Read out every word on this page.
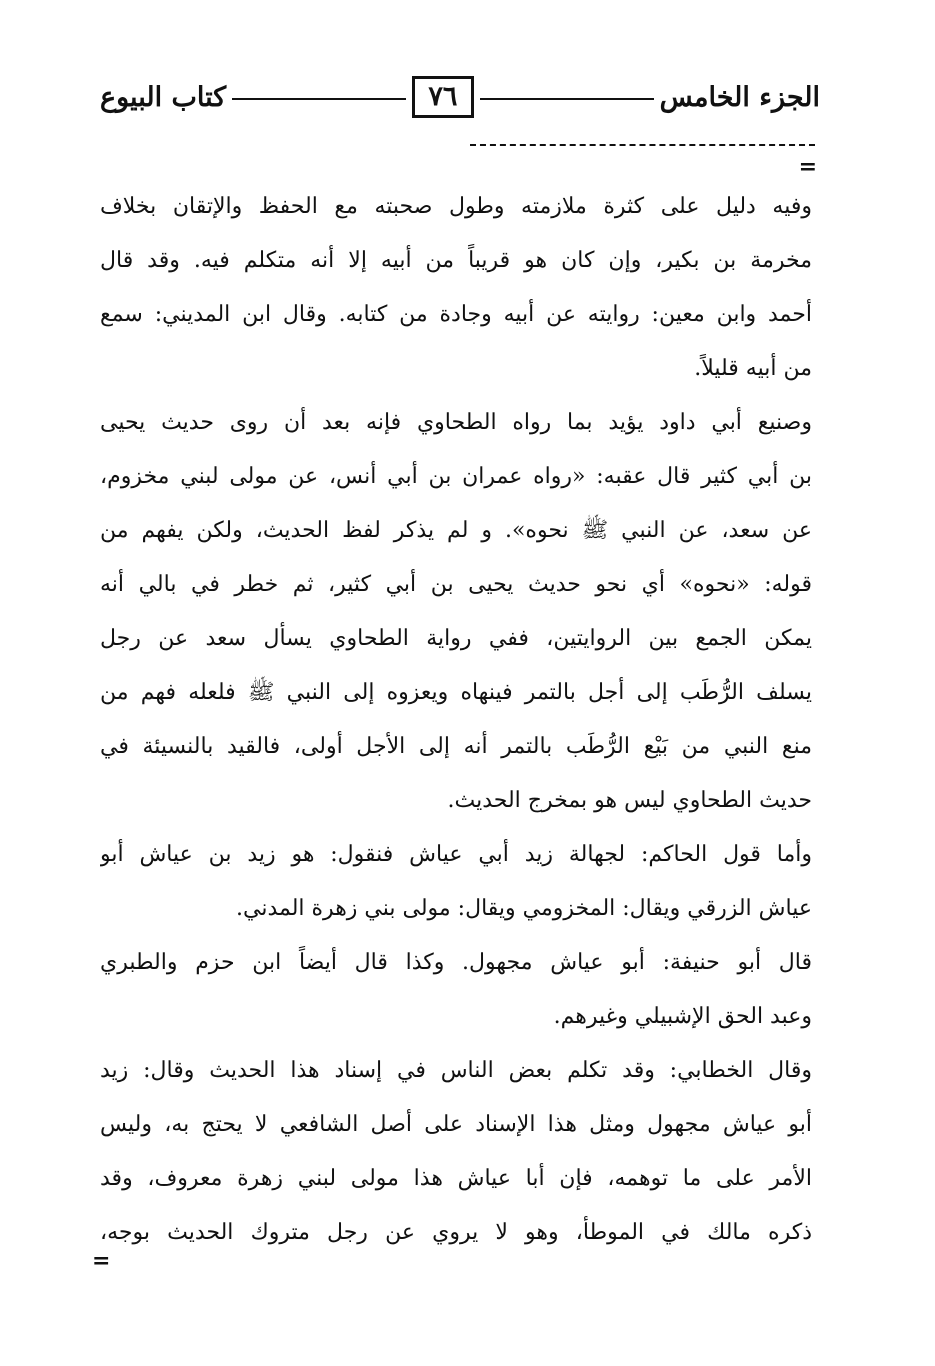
الجزء الخامس
٧٦
كتاب البيوع
=
وفيه دليل على كثرة ملازمته وطول صحبته مع الحفظ والإتقان بخلاف
مخرمة بن بكير، وإن كان هو قريباً من أبيه إلا أنه متكلم فيه. وقد قال
أحمد وابن معين: روايته عن أبيه وجادة من كتابه. وقال ابن المديني: سمع
من أبيه قليلاً.
وصنيع أبي داود يؤيد بما رواه الطحاوي فإنه بعد أن روى حديث يحيى
بن أبي كثير قال عقبه: «رواه عمران بن أبي أنس، عن مولى لبني مخزوم،
عن سعد، عن النبي ﷺ نحوه». و لم يذكر لفظ الحديث، ولكن يفهم من
قوله: «نحوه» أي نحو حديث يحيى بن أبي كثير، ثم خطر في بالي أنه
يمكن الجمع بين الروايتين، ففي رواية الطحاوي يسأل سعد عن رجل
يسلف الرُّطَب إلى أجل بالتمر فينهاه ويعزوه إلى النبي ﷺ فلعله فهم من
منع النبي من بَيْع الرُّطَب بالتمر أنه إلى الأجل أولى، فالقيد بالنسيئة في
حديث الطحاوي ليس هو بمخرج الحديث.
وأما قول الحاكم: لجهالة زيد أبي عياش فنقول: هو زيد بن عياش أبو
عياش الزرقي ويقال: المخزومي ويقال: مولى بني زهرة المدني.
قال أبو حنيفة: أبو عياش مجهول. وكذا قال أيضاً ابن حزم والطبري
وعبد الحق الإشبيلي وغيرهم.
وقال الخطابي: وقد تكلم بعض الناس في إسناد هذا الحديث وقال: زيد
أبو عياش مجهول ومثل هذا الإسناد على أصل الشافعي لا يحتج به، وليس
الأمر على ما توهمه، فإن أبا عياش هذا مولى لبني زهرة معروف، وقد
ذكره مالك في الموطأ، وهو لا يروي عن رجل متروك الحديث بوجه،
=
